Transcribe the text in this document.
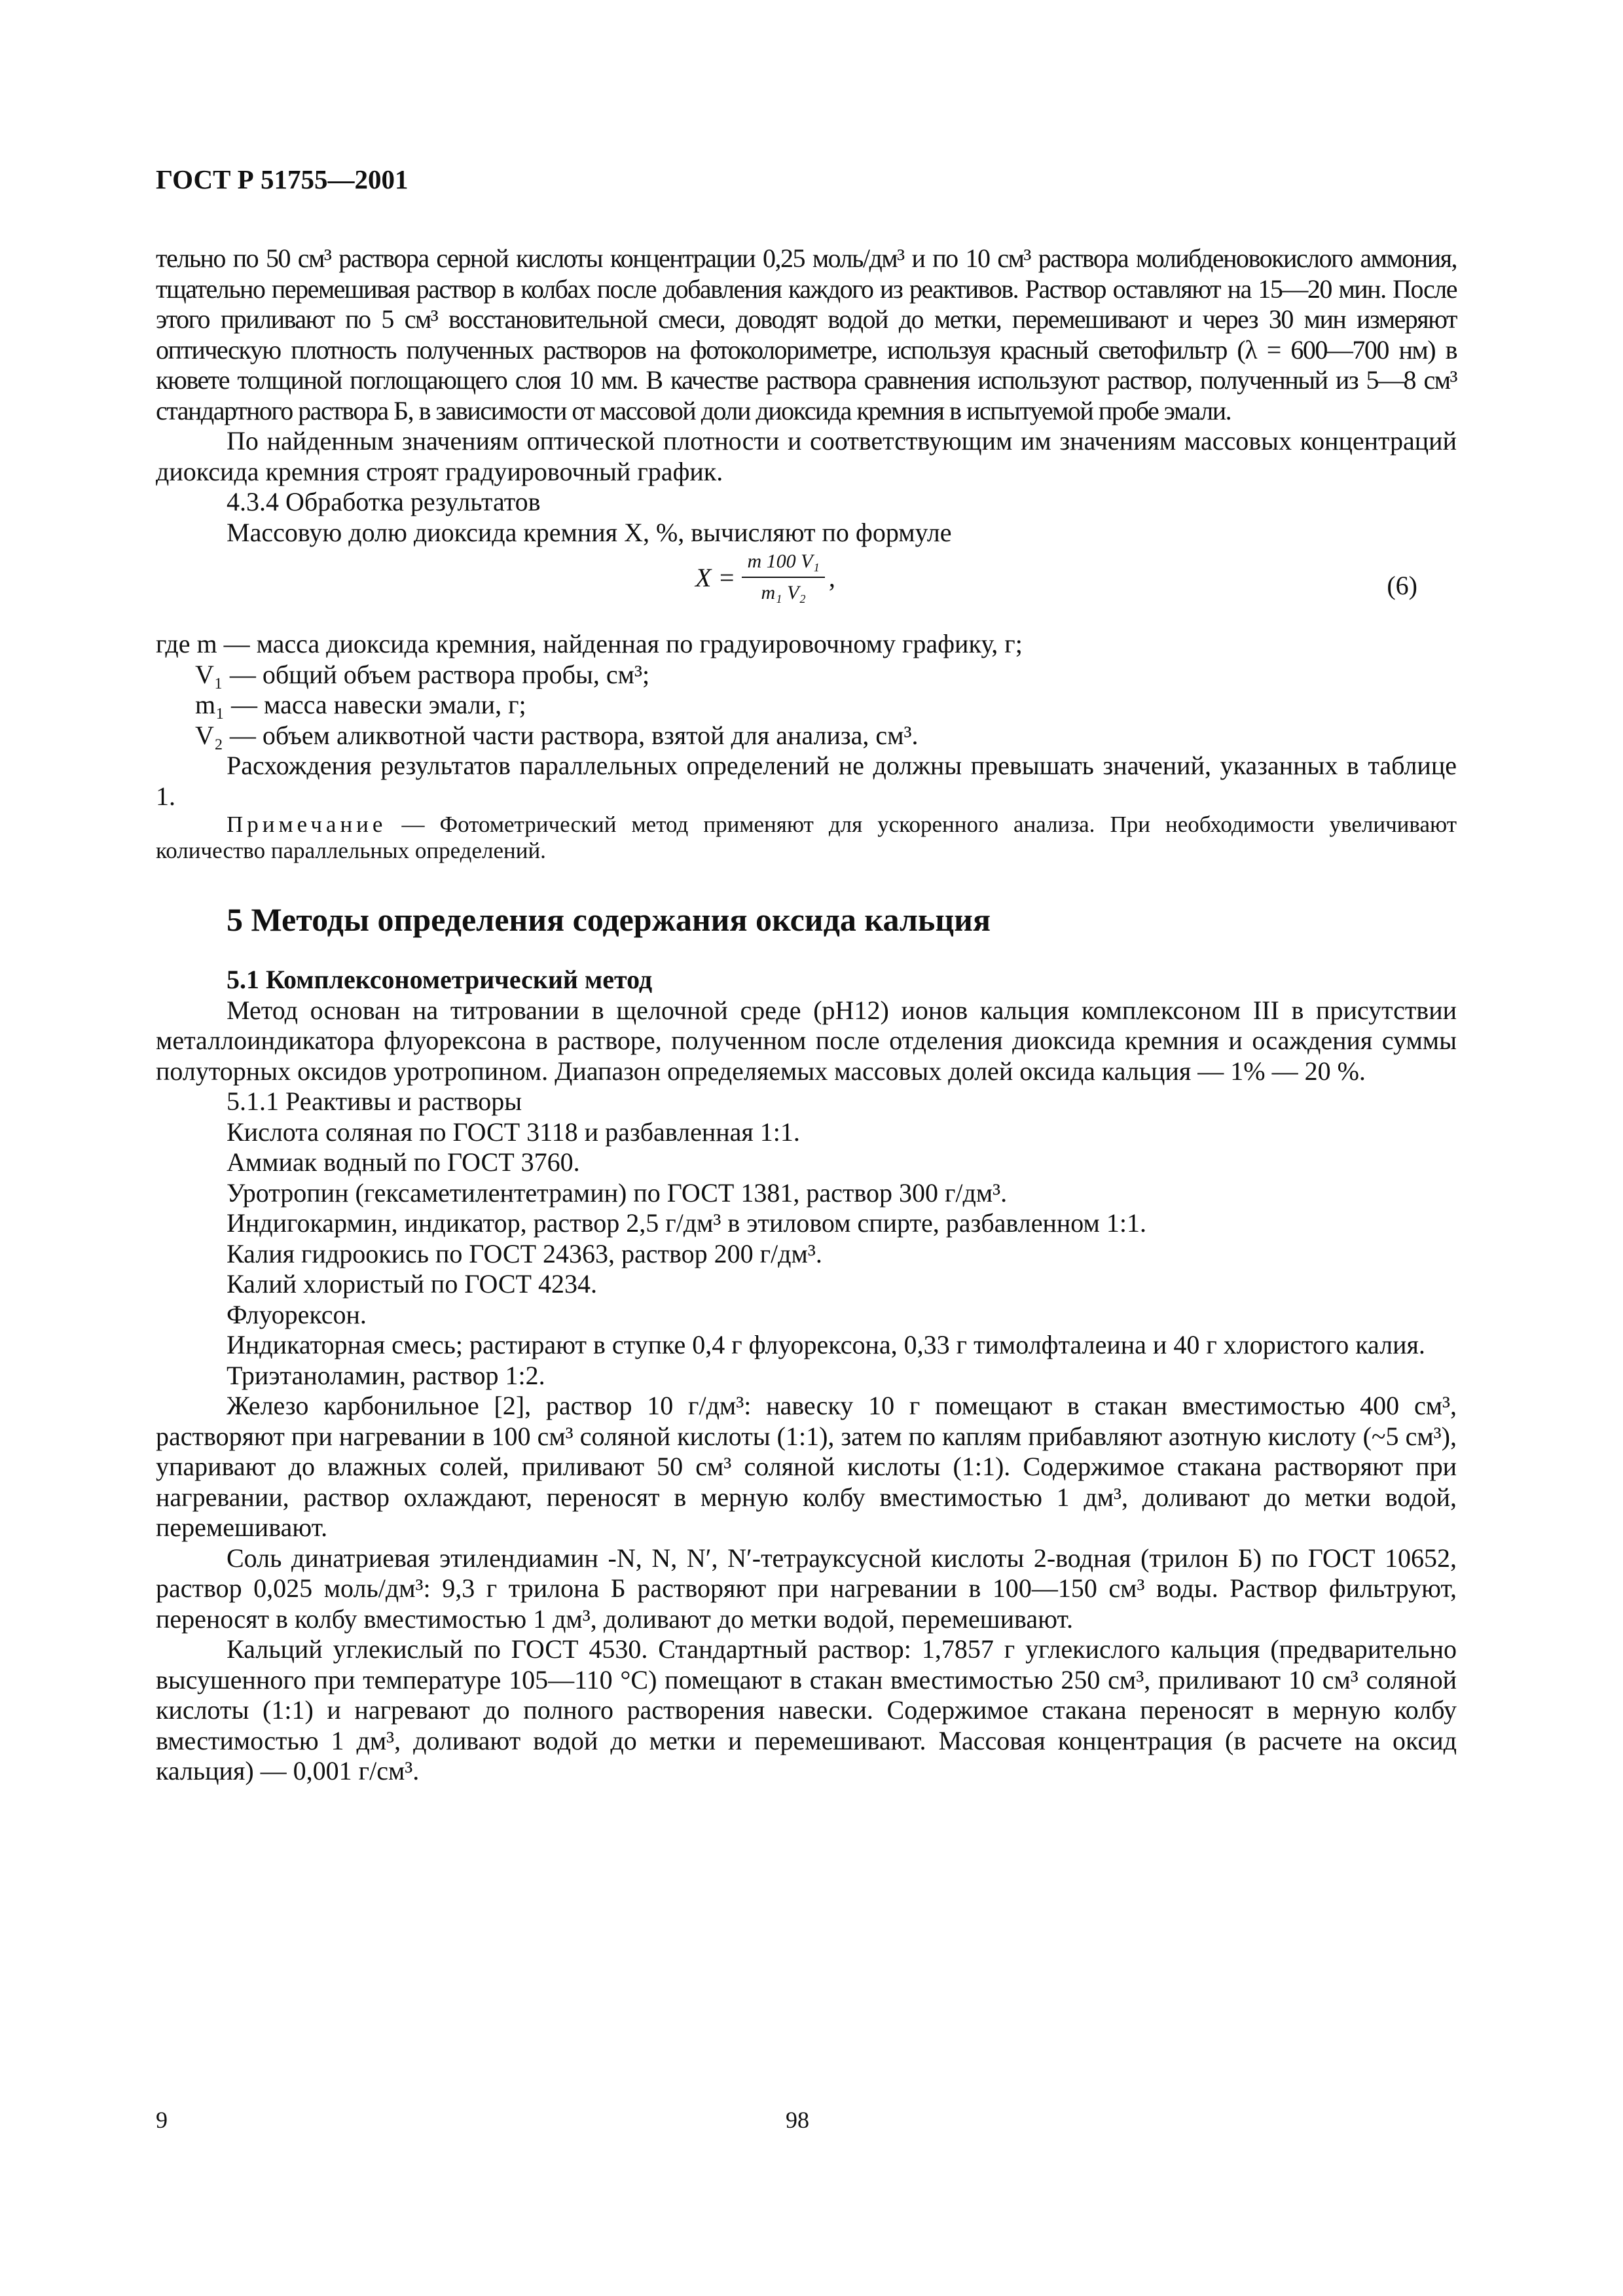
ГОСТ Р 51755—2001

тельно по 50 см³ раствора серной кислоты концентрации 0,25 моль/дм³ и по 10 см³ раствора молибденовокислого аммония, тщательно перемешивая раствор в колбах после добавления каждого из реактивов. Раствор оставляют на 15—20 мин. После этого приливают по 5 см³ восстановительной смеси, доводят водой до метки, перемешивают и через 30 мин измеряют оптическую плотность полученных растворов на фотоколориметре, используя красный светофильтр (λ = 600—700 нм) в кювете толщиной поглощающего слоя 10 мм. В качестве раствора сравнения используют раствор, полученный из 5—8 см³ стандартного раствора Б, в зависимости от массовой доли диоксида кремния в испытуемой пробе эмали.

По найденным значениям оптической плотности и соответствующим им значениям массовых концентраций диоксида кремния строят градуировочный график.

4.3.4 Обработка результатов
Массовую долю диоксида кремния X, %, вычисляют по формуле
$X = \frac{\text{m 100 V₁}}{\text{m₁ V₂}}$ ,	(6)
где m — масса диоксида кремния, найденная по градуировочному графику, г;
V₁ — общий объем раствора пробы, см³;
m₁ — масса навески эмали, г;
V₂ — объем аликвотной части раствора, взятой для анализа, см³.

Расхождения результатов параллельных определений не должны превышать значений, указанных в таблице 1.

Примечание — Фотометрический метод применяют для ускоренного анализа. При необходимости увеличивают количество параллельных определений.

5 Методы определения содержания оксида кальция
5.1 Комплексонометрический метод

Метод основан на титровании в щелочной среде (рН12) ионов кальция комплексоном III в присутствии металлоиндикатора флуорексона в растворе, полученном после отделения диоксида кремния и осаждения суммы полуторных оксидов уротропином. Диапазон определяемых массовых долей оксида кальция — 1% — 20 %.

5.1.1 Реактивы и растворы
Кислота соляная по ГОСТ 3118 и разбавленная 1:1.
Аммиак водный по ГОСТ 3760.
Уротропин (гексаметилентетрамин) по ГОСТ 1381, раствор 300 г/дм³.
Индигокармин, индикатор, раствор 2,5 г/дм³ в этиловом спирте, разбавленном 1:1.
Калия гидроокись по ГОСТ 24363, раствор 200 г/дм³.
Калий хлористый по ГОСТ 4234.
Флуорексон.

Индикаторная смесь; растирают в ступке 0,4 г флуорексона, 0,33 г тимолфталеина и 40 г хлористого калия.

Триэтаноламин, раствор 1:2.

Железо карбонильное [2], раствор 10 г/дм³: навеску 10 г помещают в стакан вместимостью 400 см³, растворяют при нагревании в 100 см³ соляной кислоты (1:1), затем по каплям прибавляют азотную кислоту (~5 см³), упаривают до влажных солей, приливают 50 см³ соляной кислоты (1:1). Содержимое стакана растворяют при нагревании, раствор охлаждают, переносят в мерную колбу вместимостью 1 дм³, доливают до метки водой, перемешивают.

Соль динатриевая этилендиамин -N, N, N′, N′-тетрауксусной кислоты 2-водная (трилон Б) по ГОСТ 10652, раствор 0,025 моль/дм³: 9,3 г трилона Б растворяют при нагревании в 100—150 см³ воды. Раствор фильтруют, переносят в колбу вместимостью 1 дм³, доливают до метки водой, перемешивают.

Кальций углекислый по ГОСТ 4530. Стандартный раствор: 1,7857 г углекислого кальция (предварительно высушенного при температуре 105—110 °С) помещают в стакан вместимостью 250 см³, приливают 10 см³ соляной кислоты (1:1) и нагревают до полного растворения навески. Содержимое стакана переносят в мерную колбу вместимостью 1 дм³, доливают водой до метки и перемешивают. Массовая концентрация (в расчете на оксид кальция) — 0,001 г/см³.

9	98
